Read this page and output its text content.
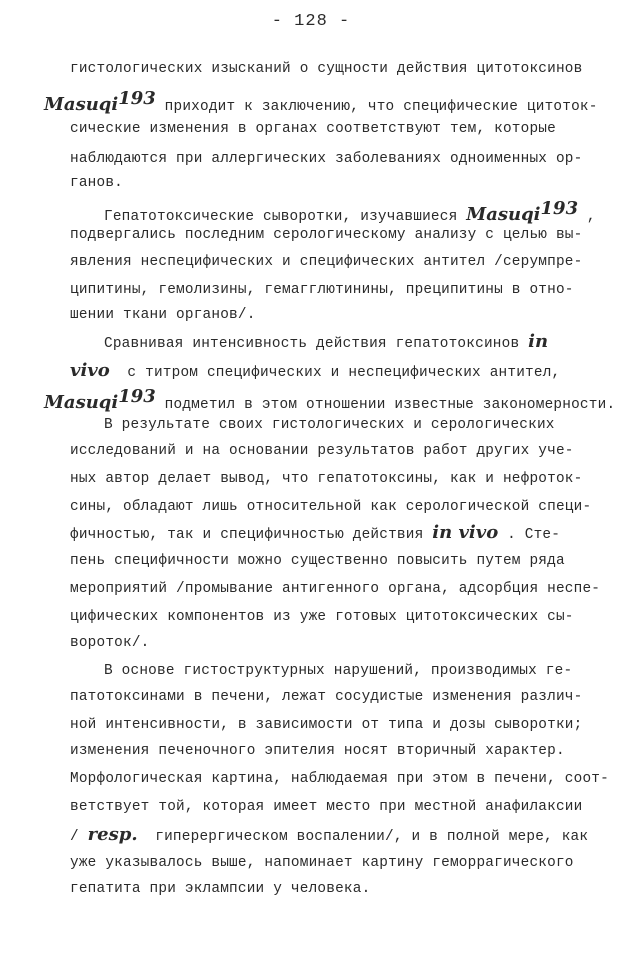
- 128 -
гистологических изысканий о сущности действия цитотоксинов
Masuqi$^{193}$ приходит к заключению, что специфические цитоток-
сические изменения в органах соответствуют тем, которые
наблюдаются при аллергических заболеваниях одноименных ор-
ганов.
Гепатотоксические сыворотки, изучавшиеся Masuqi$^{193}$ ,
подвергались последним серологическому анализу с целью вы-
явления неспецифических и специфических антител /серумпре-
ципитины, гемолизины, гемагглютинины, преципитины в отно-
шении ткани органов/.
Сравнивая интенсивность действия гепатотоксинов in
vivo  с титром специфических и неспецифических антител,
Masuqi$^{193}$ подметил в этом отношении известные закономерности.
В результате своих гистологических и серологических
исследований и на основании результатов работ других уче-
ных автор делает вывод, что гепатотоксины, как и нефроток-
сины, обладают лишь относительной как серологической специ-
фичностью, так и специфичностью действия in vivo . Сте-
пень специфичности можно существенно повысить путем ряда
мероприятий /промывание антигенного органа, адсорбция неспе-
цифических компонентов из уже готовых цитотоксических сы-
вороток/.
В основе гистоструктурных нарушений, производимых ге-
патотоксинами в печени, лежат сосудистые изменения различ-
ной интенсивности, в зависимости от типа и дозы сыворотки;
изменения печеночного эпителия носят вторичный характер.
Морфологическая картина, наблюдаемая при этом в печени, соот-
ветствует той, которая имеет место при местной анафилаксии
/ resp.  гиперергическом воспалении/, и в полной мере, как
уже указывалось выше, напоминает картину геморрагического
гепатита при эклампсии у человека.
